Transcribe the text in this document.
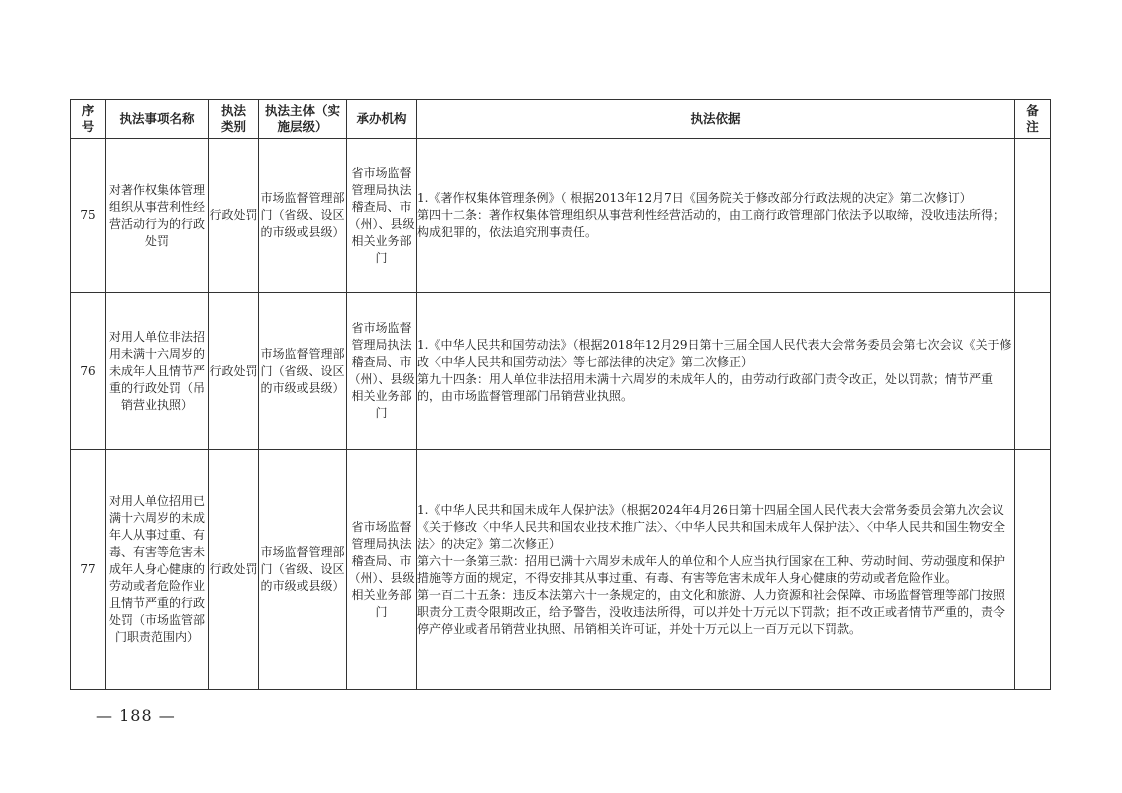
序号	执法事项名称	执法类别	执法主体（实施层级）	承办机构	执法依据	备注
75	对著作权集体管理组织从事营利性经营活动行为的行政处罚	行政处罚	市场监督管理部门（省级、设区的市级或县级）	省市场监督管理局执法稽查局、市（州）、县级相关业务部门	1.《著作权集体管理条例》（ 根据2013年12月7日《国务院关于修改部分行政法规的决定》第二次修订）

第四十二条：著作权集体管理组织从事营利性经营活动的，由工商行政管理部门依法予以取缔，没收违法所得；构成犯罪的，依法追究刑事责任。	

76	对用人单位非法招用未满十六周岁的未成年人且情节严重的行政处罚（吊销营业执照）	行政处罚	市场监督管理部门（省级、设区的市级或县级）	省市场监督管理局执法稽查局、市（州）、县级相关业务部门	1.《中华人民共和国劳动法》（根据2018年12月29日第十三届全国人民代表大会常务委员会第七次会议《关于修改〈中华人民共和国劳动法〉等七部法律的决定》第二次修正）

第九十四条：用人单位非法招用未满十六周岁的未成年人的，由劳动行政部门责令改正，处以罚款；情节严重的，由市场监督管理部门吊销营业执照。	

77	对用人单位招用已满十六周岁的未成年人从事过重、有毒、有害等危害未成年人身心健康的劳动或者危险作业且情节严重的行政处罚（市场监管部门职责范围内）	行政处罚	市场监督管理部门（省级、设区的市级或县级）	省市场监督管理局执法稽查局、市（州）、县级相关业务部门	1.《中华人民共和国未成年人保护法》（根据2024年4月26日第十四届全国人民代表大会常务委员会第九次会议《关于修改〈中华人民共和国农业技术推广法〉、〈中华人民共和国未成年人保护法〉、〈中华人民共和国生物安全法〉的决定》第二次修正）

第六十一条第三款：招用已满十六周岁未成年人的单位和个人应当执行国家在工种、劳动时间、劳动强度和保护措施等方面的规定，不得安排其从事过重、有毒、有害等危害未成年人身心健康的劳动或者危险作业。

第一百二十五条：违反本法第六十一条规定的，由文化和旅游、人力资源和社会保障、市场监督管理等部门按照职责分工责令限期改正，给予警告，没收违法所得，可以并处十万元以下罚款；拒不改正或者情节严重的，责令停产停业或者吊销营业执照、吊销相关许可证，并处十万元以上一百万元以下罚款。	

— 188 —
